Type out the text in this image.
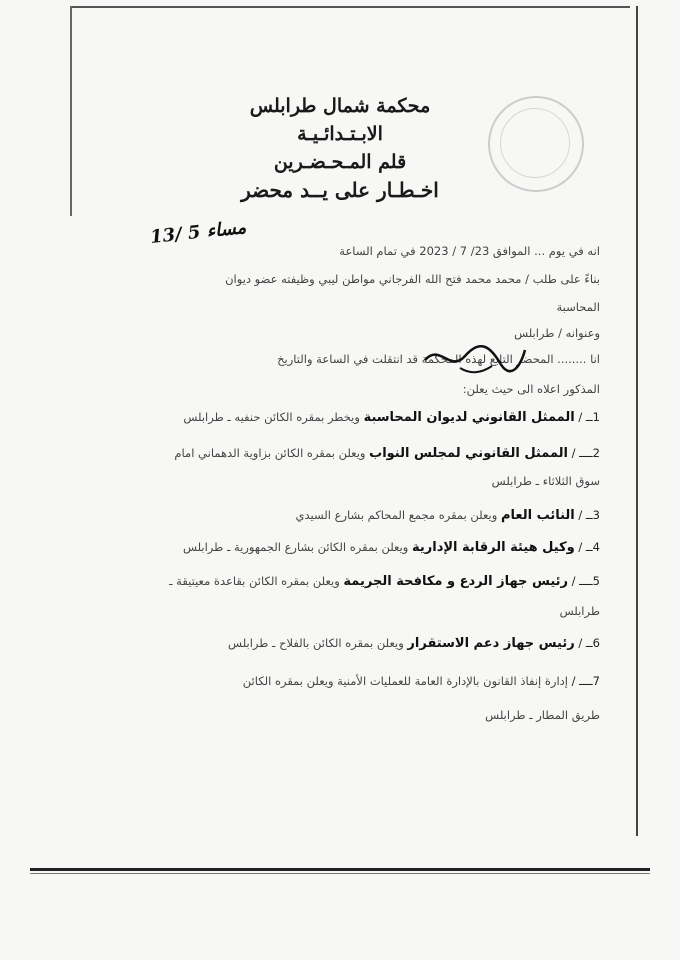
محكمة شمال طرابلس
الابـتـدائـيـة
قلم المـحـضـرين
اخـطـار على يــد محضر
13/ 5 مساء
انه في يوم ... الموافق 23/ 7 / 2023 في تمام الساعة
بناءً على طلب / محمد محمد فتح الله الفرجاني مواطن ليبي وظيفته عضو ديوان
المحاسبة
وعنوانه / طرابلس
انا ........ المحضر التابع لهذه المحكمة قد انتقلت في الساعة والتاريخ
المذكور اعلاه الى حيث يعلن:
1ــ / الممثل القانوني لديوان المحاسبة ويخطر بمقره الكائن حنفيه ـ طرابلس
2ــــ / الممثل القانوني لمجلس النواب ويعلن بمقره الكائن بزاوية الدهماني امام
سوق الثلاثاء ـ طرابلس
3ــ / النائب العام ويعلن بمقره مجمع المحاكم بشارع السيدي
4ــ / وكيل هيئة الرقابة الإدارية ويعلن بمقره الكائن بشارع الجمهورية ـ طرابلس
5ــــ / رئيس جهاز الردع و مكافحة الجريمة ويعلن بمقره الكائن بقاعدة معيتيقة ـ
طرابلس
6ــ / رئيس جهاز دعم الاستقرار ويعلن بمقره الكائن بالفلاح ـ طرابلس
7ــــ / إدارة إنفاذ القانون بالإدارة العامة للعمليات الأمنية ويعلن بمقره الكائن
طريق المطار ـ طرابلس
